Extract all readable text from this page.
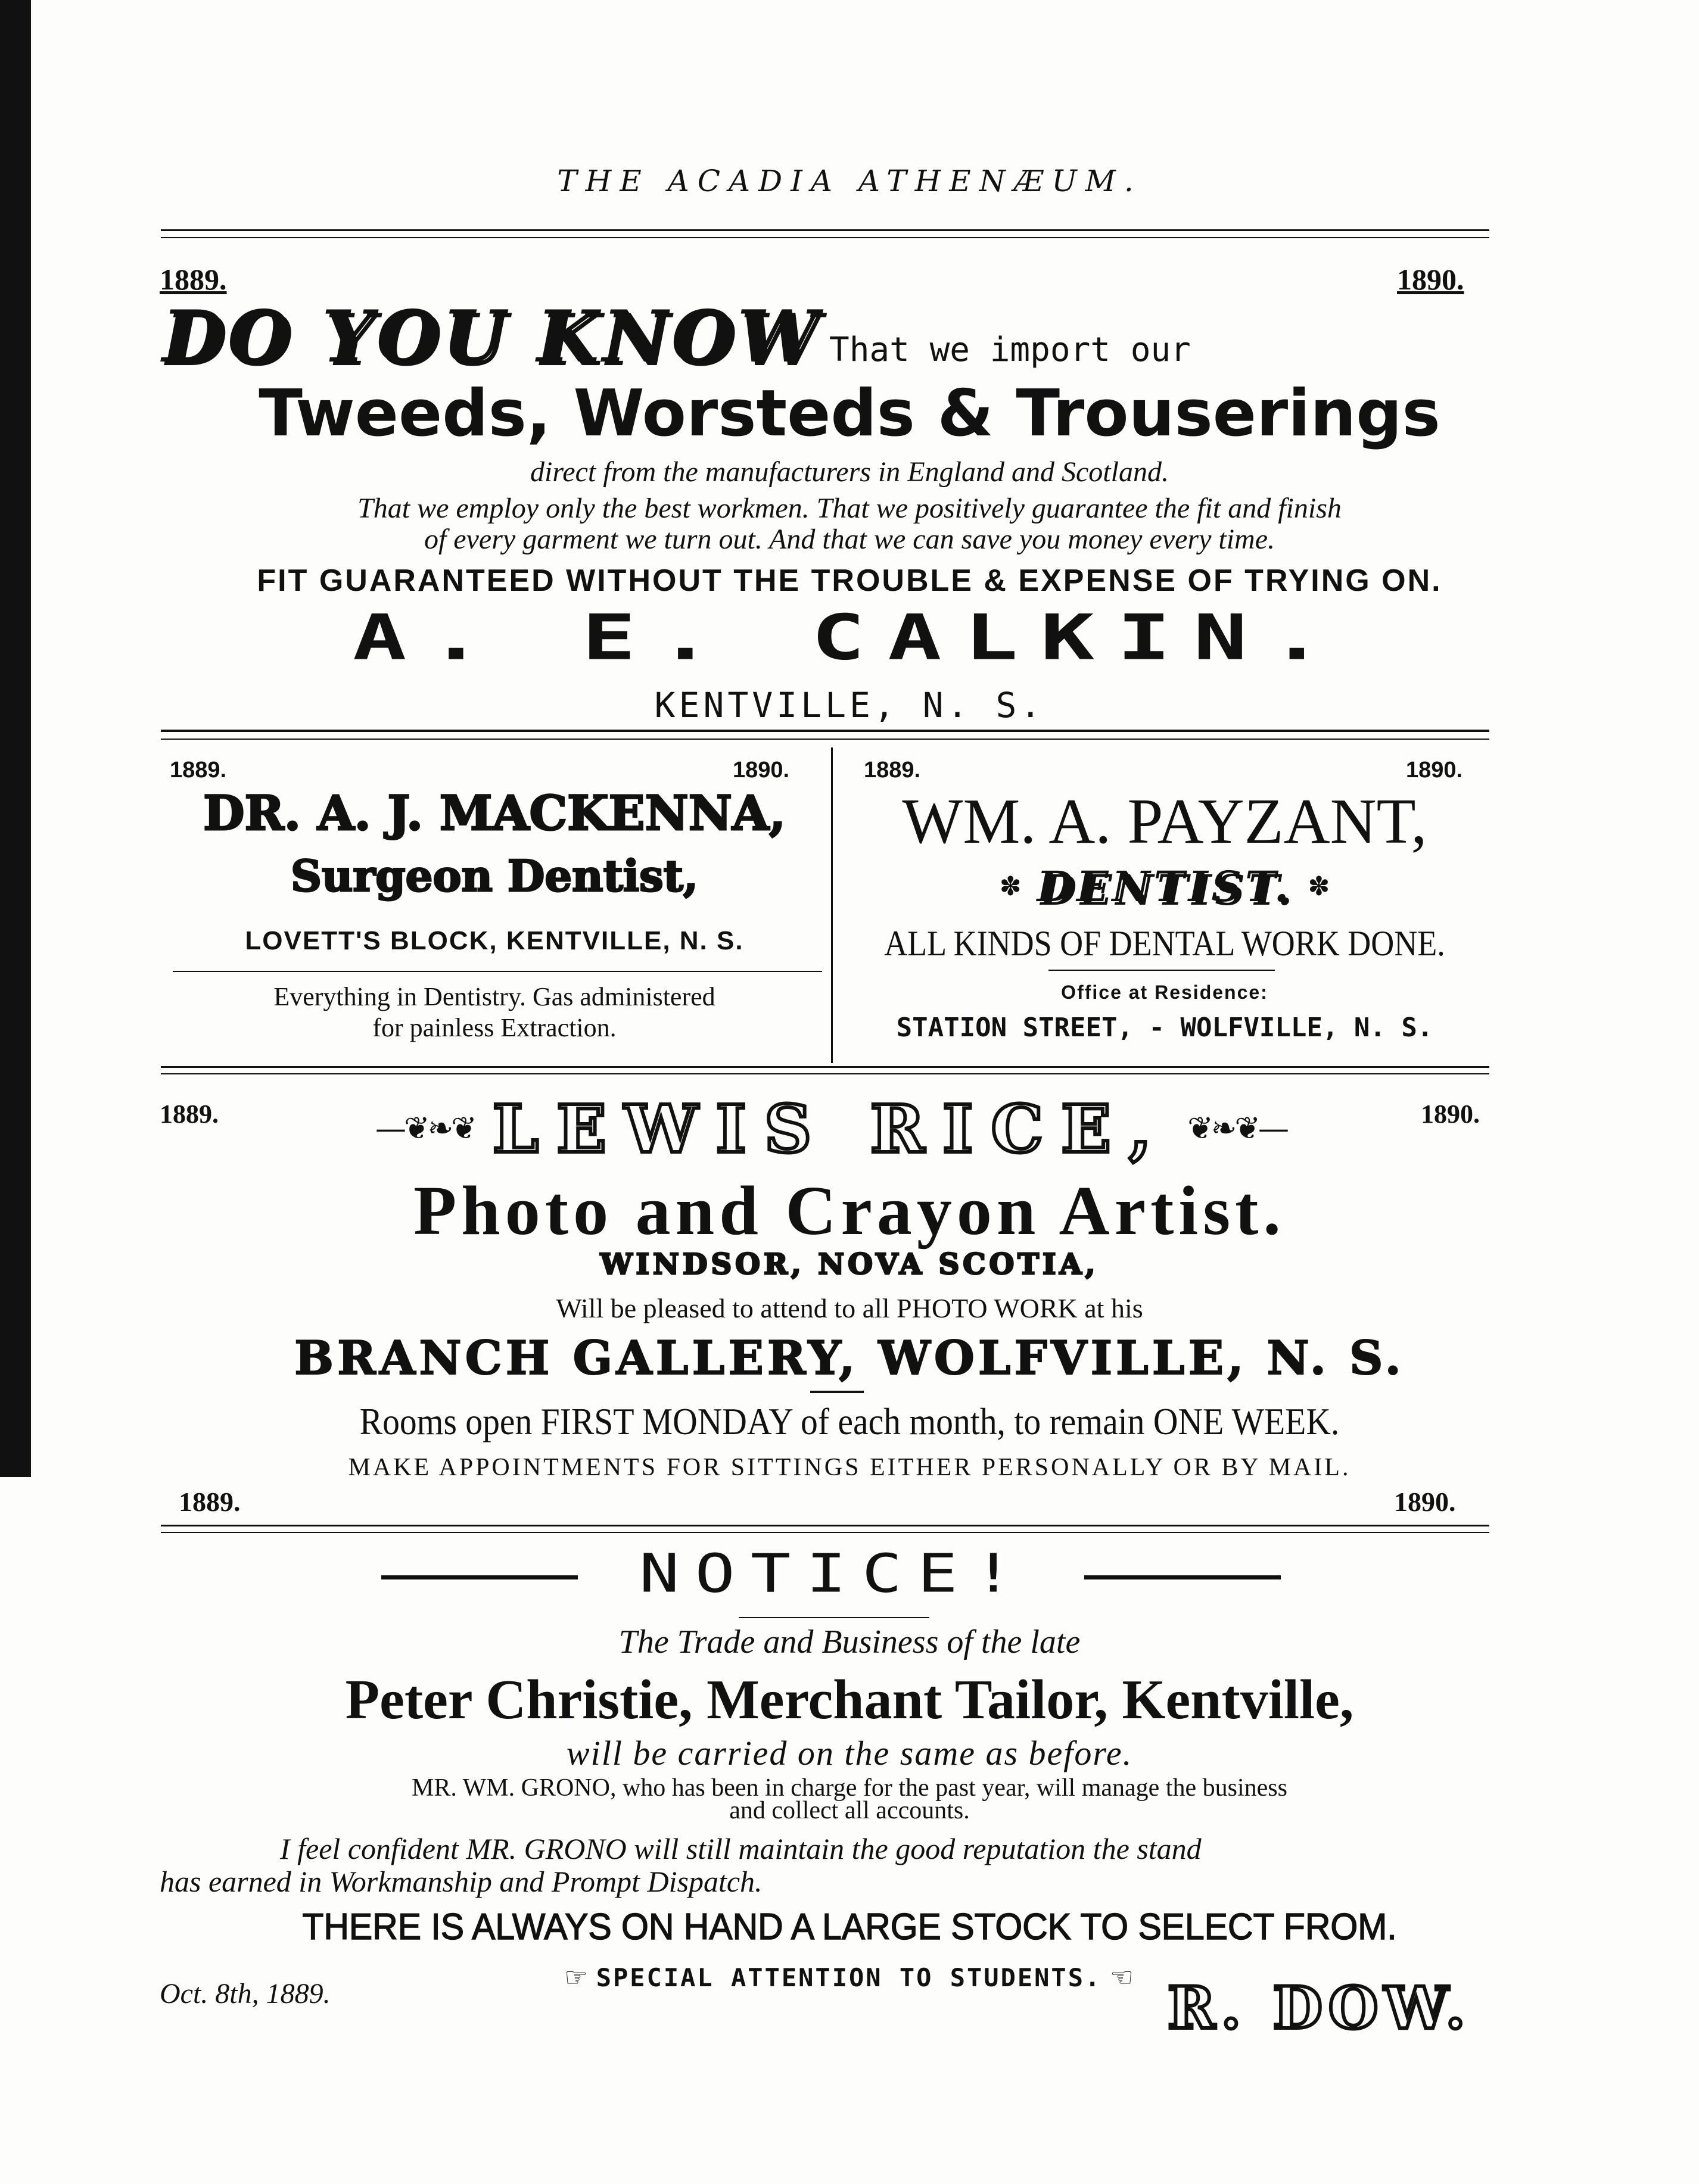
THE ACADIA ATHENÆUM.
1889.	1890.
DO YOU KNOW That we import our
Tweeds, Worsteds & Trouserings
direct from the manufacturers in England and Scotland.
That we employ only the best workmen. That we positively guarantee the fit and finish
of every garment we turn out. And that we can save you money every time.
FIT GUARANTEED WITHOUT THE TROUBLE & EXPENSE OF TRYING ON.
A. E. CALKIN.
KENTVILLE, N. S.
1889.	1890.
DR. A. J. MACKENNA,
Surgeon Dentist,
LOVETT'S BLOCK, KENTVILLE, N. S.
Everything in Dentistry. Gas administered
for painless Extraction.
1889.	1890.
WM. A. PAYZANT,
✽ DENTIST. ✽
ALL KINDS OF DENTAL WORK DONE.
Office at Residence:
STATION STREET, - WOLFVILLE, N. S.
1889.	1890.
—❦❧❦ LEWIS RICE, ❦❧❦—
Photo and Crayon Artist.
WINDSOR, NOVA SCOTIA,
Will be pleased to attend to all PHOTO WORK at his
BRANCH GALLERY, WOLFVILLE, N. S.
Rooms open FIRST MONDAY of each month, to remain ONE WEEK.
MAKE APPOINTMENTS FOR SITTINGS EITHER PERSONALLY OR BY MAIL.
1889.	1890.
NOTICE!
The Trade and Business of the late
Peter Christie, Merchant Tailor, Kentville,
will be carried on the same as before.
MR. WM. GRONO, who has been in charge for the past year, will manage the business
and collect all accounts.
I feel confident MR. GRONO will still maintain the good reputation the stand
has earned in Workmanship and Prompt Dispatch.
THERE IS ALWAYS ON HAND A LARGE STOCK TO SELECT FROM.
☞ SPECIAL ATTENTION TO STUDENTS. ☜
Oct. 8th, 1889.	R. DOW.
